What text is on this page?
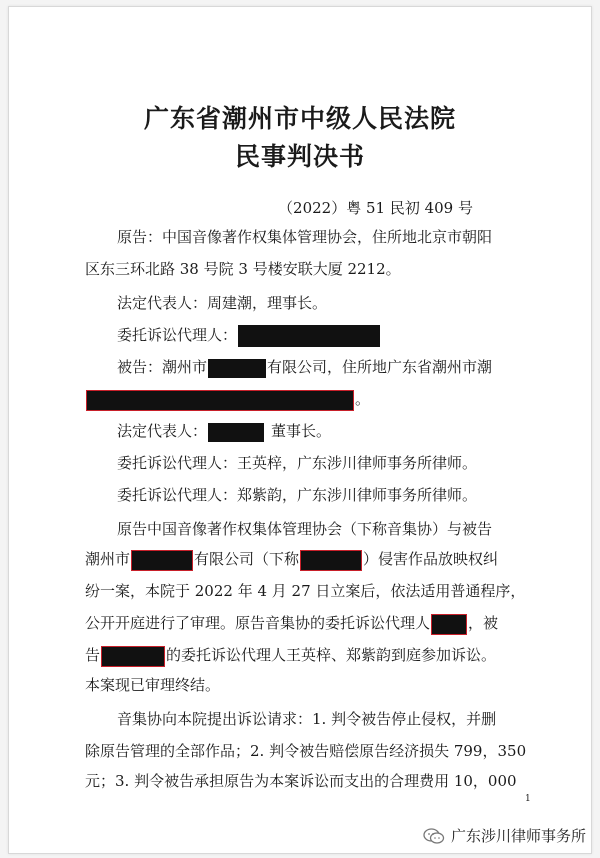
广东省潮州市中级人民法院
民事判决书
（2022）粤 51 民初 409 号
原告：中国音像著作权集体管理协会，住所地北京市朝阳
区东三环北路 38 号院 3 号楼安联大厦 2212。
法定代表人：周建潮，理事长。
委托诉讼代理人：
被告：潮州市	有限公司，住所地广东省潮州市潮
。
法定代表人：	董事长。
委托诉讼代理人：王英梓，广东涉川律师事务所律师。
委托诉讼代理人：郑紫韵，广东涉川律师事务所律师。
原告中国音像著作权集体管理协会（下称音集协）与被告
潮州市	有限公司（下称	）侵害作品放映权纠
纷一案，本院于 2022 年 4 月 27 日立案后，依法适用普通程序，
公开开庭进行了审理。原告音集协的委托诉讼代理人	，被
告	的委托诉讼代理人王英梓、郑紫韵到庭参加诉讼。
本案现已审理终结。
音集协向本院提出诉讼请求：1. 判令被告停止侵权，并删
除原告管理的全部作品；2. 判令被告赔偿原告经济损失 799，350
元；3. 判令被告承担原告为本案诉讼而支出的合理费用 10，000
1
广东涉川律师事务所
